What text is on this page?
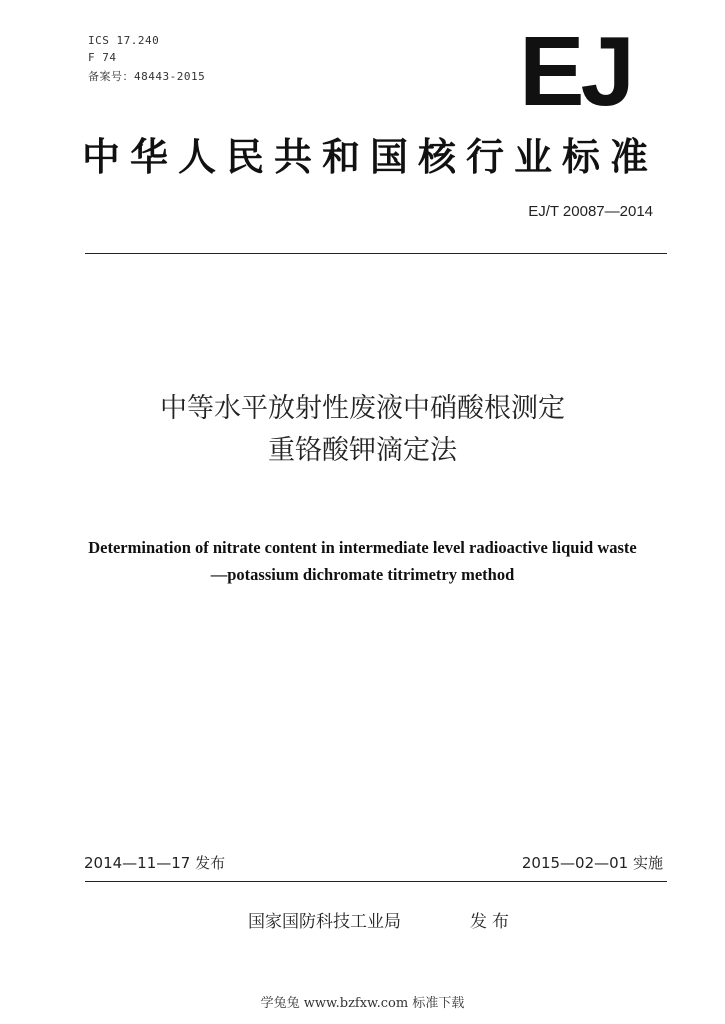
ICS 17.240
F 74
备案号：48443-2015	EJ
中华人民共和国核行业标准
EJ/T 20087—2014
中等水平放射性废液中硝酸根测定
重铬酸钾滴定法
Determination of nitrate content in intermediate level radioactive liquid waste
—potassium dichromate titrimetry method
2014—11—17 发布	2015—02—01 实施
国家国防科技工业局	发布
学兔兔 www.bzfxw.com 标准下载
